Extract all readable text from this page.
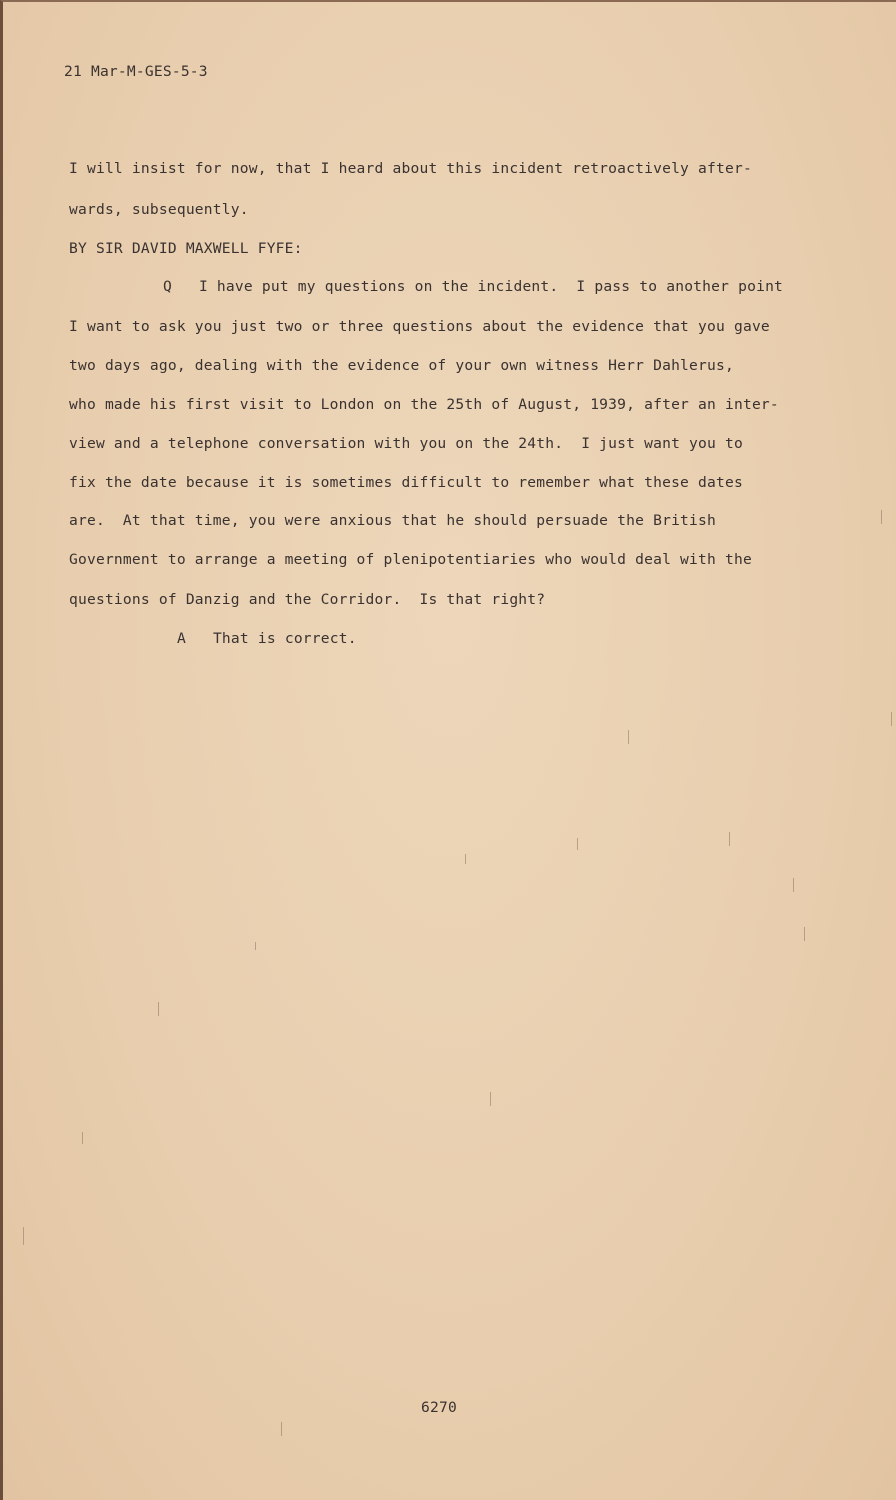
21 Mar-M-GES-5-3
I will insist for now, that I heard about this incident retroactively after-
wards, subsequently.
BY SIR DAVID MAXWELL FYFE:
Q   I have put my questions on the incident.  I pass to another point
I want to ask you just two or three questions about the evidence that you gave
two days ago, dealing with the evidence of your own witness Herr Dahlerus,
who made his first visit to London on the 25th of August, 1939, after an inter-
view and a telephone conversation with you on the 24th.  I just want you to
fix the date because it is sometimes difficult to remember what these dates
are.  At that time, you were anxious that he should persuade the British
Government to arrange a meeting of plenipotentiaries who would deal with the
questions of Danzig and the Corridor.  Is that right?
A   That is correct.
6270
